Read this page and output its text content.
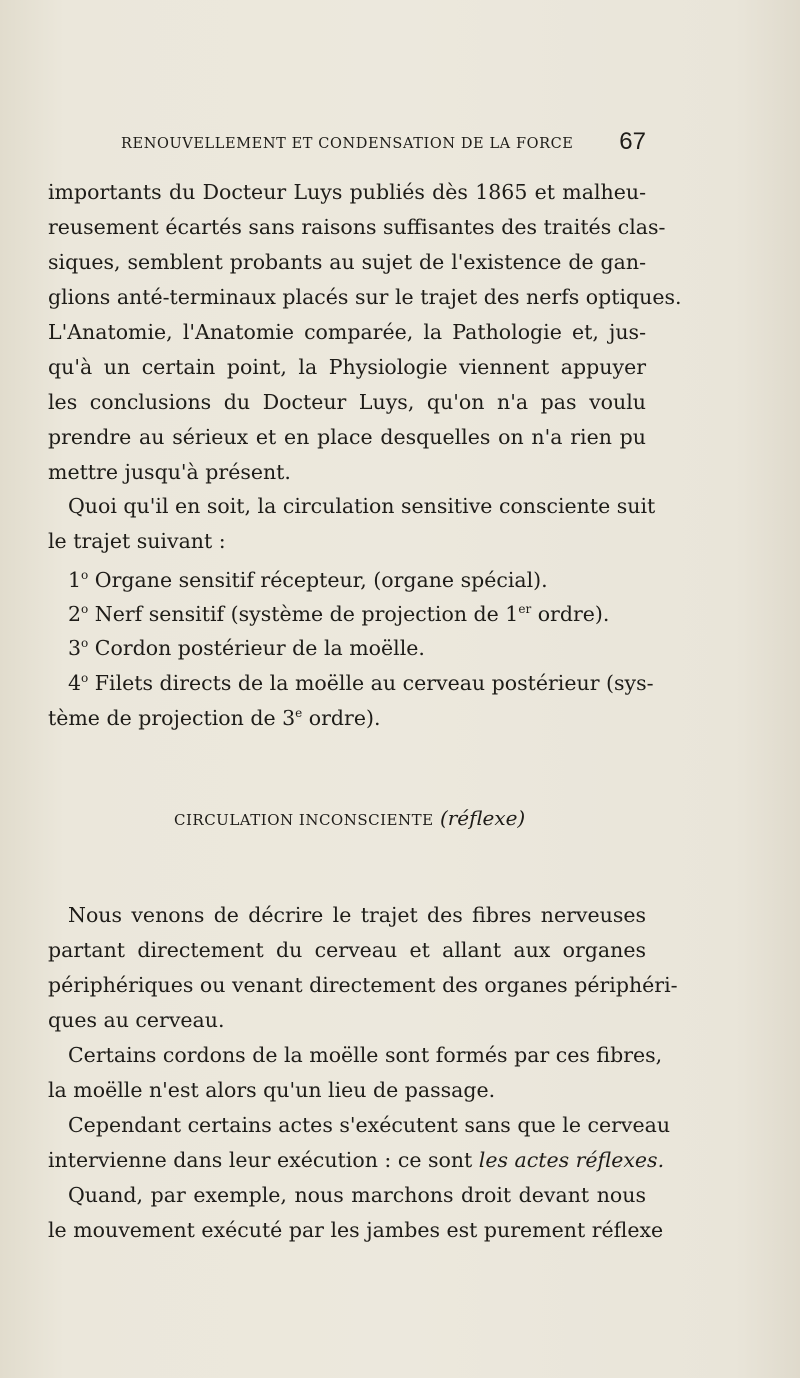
RENOUVELLEMENT ET CONDENSATION DE LA FORCE 67
importants du Docteur Luys publiés dès 1865 et malheu-
reusement écartés sans raisons suffisantes des traités clas-
siques, semblent probants au sujet de l'existence de gan-
glions anté-terminaux placés sur le trajet des nerfs optiques.
L'Anatomie, l'Anatomie comparée, la Pathologie et, jus-
qu'à un certain point, la Physiologie viennent appuyer
les conclusions du Docteur Luys, qu'on n'a pas voulu
prendre au sérieux et en place desquelles on n'a rien pu
mettre jusqu'à présent.
Quoi qu'il en soit, la circulation sensitive consciente suit
le trajet suivant :
1$^o$ Organe sensitif récepteur, (organe spécial).
2$^o$ Nerf sensitif (système de projection de 1er ordre).
3$^o$ Cordon postérieur de la moëlle.
4$^o$ Filets directs de la moëlle au cerveau postérieur (sys-
tème de projection de 3e ordre).
CIRCULATION INCONSCIENTE (réflexe)
Nous venons de décrire le trajet des fibres nerveuses
partant directement du cerveau et allant aux organes
périphériques ou venant directement des organes périphéri-
ques au cerveau.
Certains cordons de la moëlle sont formés par ces fibres,
la moëlle n'est alors qu'un lieu de passage.
Cependant certains actes s'exécutent sans que le cerveau
intervienne dans leur exécution : ce sont les actes réflexes.
Quand, par exemple, nous marchons droit devant nous
le mouvement exécuté par les jambes est purement réflexe
